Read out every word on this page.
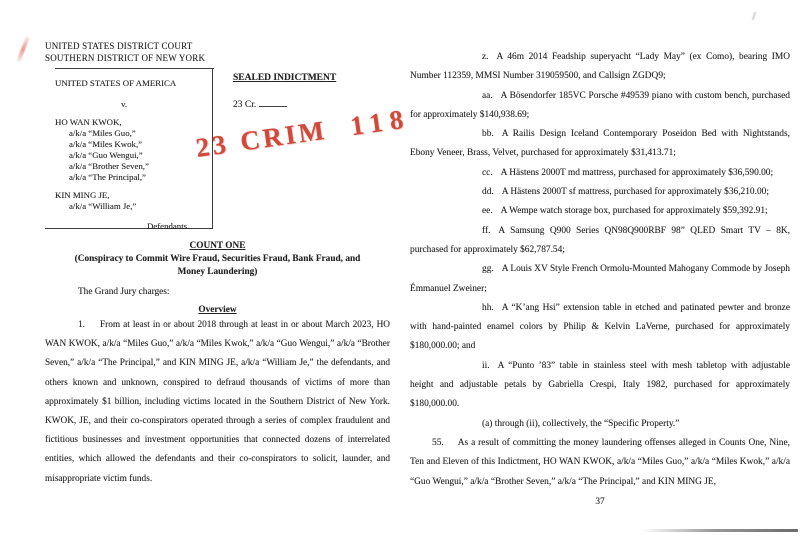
UNITED STATES DISTRICT COURT
SOUTHERN DISTRICT OF NEW YORK
UNITED STATES OF AMERICA
v.
HO WAN KWOK,
a/k/a “Miles Guo,”
a/k/a “Miles Kwok,”
a/k/a “Guo Wengui,”
a/k/a “Brother Seven,”
a/k/a “The Principal,”
KIN MING JE,
a/k/a “William Je,”
Defendants.
SEALED INDICTMENT
23 Cr.
23 CRIM 118
COUNT ONE
(Conspiracy to Commit Wire Fraud, Securities Fraud, Bank Fraud, and
Money Laundering)
The Grand Jury charges:
Overview

1. From at least in or about 2018 through at least in or about March 2023, HO WAN KWOK, a/k/a “Miles Guo,” a/k/a “Miles Kwok,” a/k/a “Guo Wengui,” a/k/a “Brother Seven,” a/k/a “The Principal,” and KIN MING JE, a/k/a “William Je,” the defendants, and others known and unknown, conspired to defraud thousands of victims of more than approximately $1 billion, including victims located in the Southern District of New York. KWOK, JE, and their co-conspirators operated through a series of complex fraudulent and fictitious businesses and investment opportunities that connected dozens of interrelated entities, which allowed the defendants and their co-conspirators to solicit, launder, and misappropriate victim funds.

z. A 46m 2014 Feadship superyacht “Lady May” (ex Como), bearing IMO Number 112359, MMSI Number 319059500, and Callsign ZGDQ9;

aa. A Bösendorfer 185VC Porsche #49539 piano with custom bench, purchased for approximately $140,938.69;

bb. A Railis Design Iceland Contemporary Poseidon Bed with Nightstands, Ebony Veneer, Brass, Velvet, purchased for approximately $31,413.71;

cc. A Hästens 2000T md mattress, purchased for approximately $36,590.00;

dd. A Hästens 2000T sf mattress, purchased for approximately $36,210.00;

ee. A Wempe watch storage box, purchased for approximately $59,392.91;

ff. A Samsung Q900 Series QN98Q900RBF 98” QLED Smart TV – 8K, purchased for approximately $62,787.54;

gg. A Louis XV Style French Ormolu-Mounted Mahogany Commode by Joseph Émmanuel Zweiner;

hh. A “K’ang Hsi” extension table in etched and patinated pewter and bronze with hand-painted enamel colors by Philip & Kelvin LaVerne, purchased for approximately $180,000.00; and

ii. A “Punto ’83” table in stainless steel with mesh tabletop with adjustable height and adjustable petals by Gabriella Crespi, Italy 1982, purchased for approximately $180,000.00.

(a) through (ii), collectively, the “Specific Property.”

55. As a result of committing the money laundering offenses alleged in Counts One, Nine, Ten and Eleven of this Indictment, HO WAN KWOK, a/k/a “Miles Guo,” a/k/a “Miles Kwok,” a/k/a “Guo Wengui,” a/k/a “Brother Seven,” a/k/a “The Principal,” and KIN MING JE,

37
